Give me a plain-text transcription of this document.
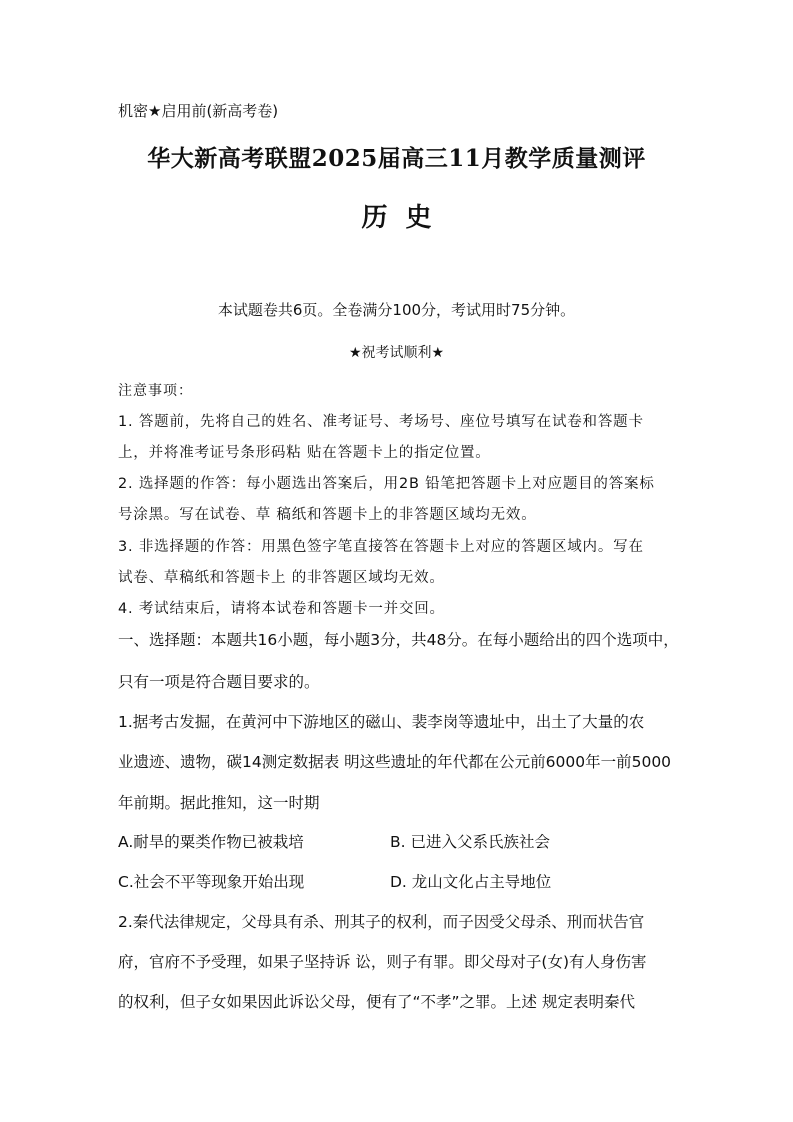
机密★启用前(新高考卷)
华大新高考联盟2025届高三11月教学质量测评
历史
本试题卷共6页。全卷满分100分，考试用时75分钟。
★祝考试顺利★
注意事项：
1. 答题前，先将自己的姓名、准考证号、考场号、座位号填写在试卷和答题卡
上，并将准考证号条形码粘 贴在答题卡上的指定位置。
2. 选择题的作答：每小题选出答案后，用2B 铅笔把答题卡上对应题目的答案标
号涂黑。写在试卷、草 稿纸和答题卡上的非答题区域均无效。
3. 非选择题的作答：用黑色签字笔直接答在答题卡上对应的答题区域内。写在
试卷、草稿纸和答题卡上 的非答题区域均无效。
4. 考试结束后，请将本试卷和答题卡一并交回。
一、选择题：本题共16小题，每小题3分，共48分。在每小题给出的四个选项中，
只有一项是符合题目要求的。
1.据考古发掘，在黄河中下游地区的磁山、裴李岗等遗址中，出土了大量的农
业遗迹、遗物，碳14测定数据表 明这些遗址的年代都在公元前6000年一前5000
年前期。据此推知，这一时期
A.耐旱的粟类作物已被栽培	B. 已进入父系氏族社会
C.社会不平等现象开始出现	D. 龙山文化占主导地位
2.秦代法律规定，父母具有杀、刑其子的权利，而子因受父母杀、刑而状告官
府，官府不予受理，如果子坚持诉 讼，则子有罪。即父母对子(女)有人身伤害
的权利，但子女如果因此诉讼父母，便有了“不孝”之罪。上述 规定表明秦代
